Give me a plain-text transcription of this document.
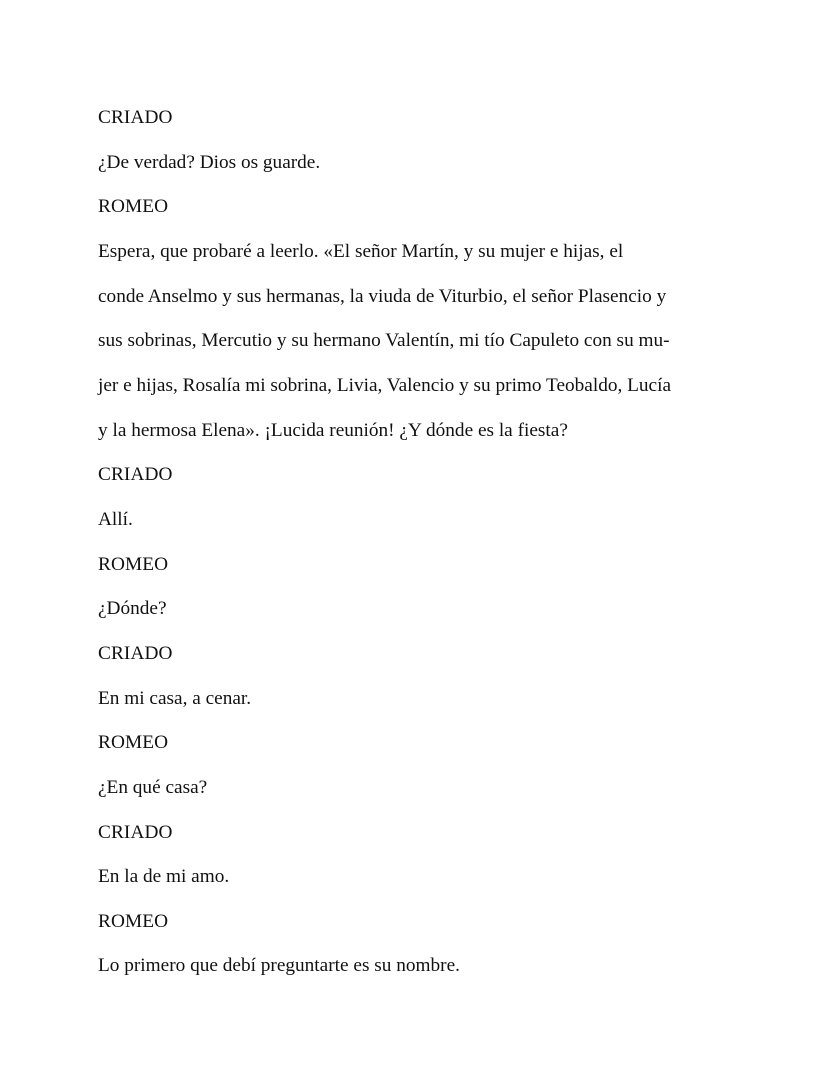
CRIADO
¿De verdad? Dios os guarde.
ROMEO
Espera, que probaré a leerlo. «El señor Martín, y su mujer e hijas, el
conde Anselmo y sus hermanas, la viuda de Viturbio, el señor Plasencio y
sus sobrinas, Mercutio y su hermano Valentín, mi tío Capuleto con su mu-
jer e hijas, Rosalía mi sobrina, Livia, Valencio y su primo Teobaldo, Lucía
y la hermosa Elena». ¡Lucida reunión! ¿Y dónde es la fiesta?
CRIADO
Allí.
ROMEO
¿Dónde?
CRIADO
En mi casa, a cenar.
ROMEO
¿En qué casa?
CRIADO
En la de mi amo.
ROMEO
Lo primero que debí preguntarte es su nombre.
